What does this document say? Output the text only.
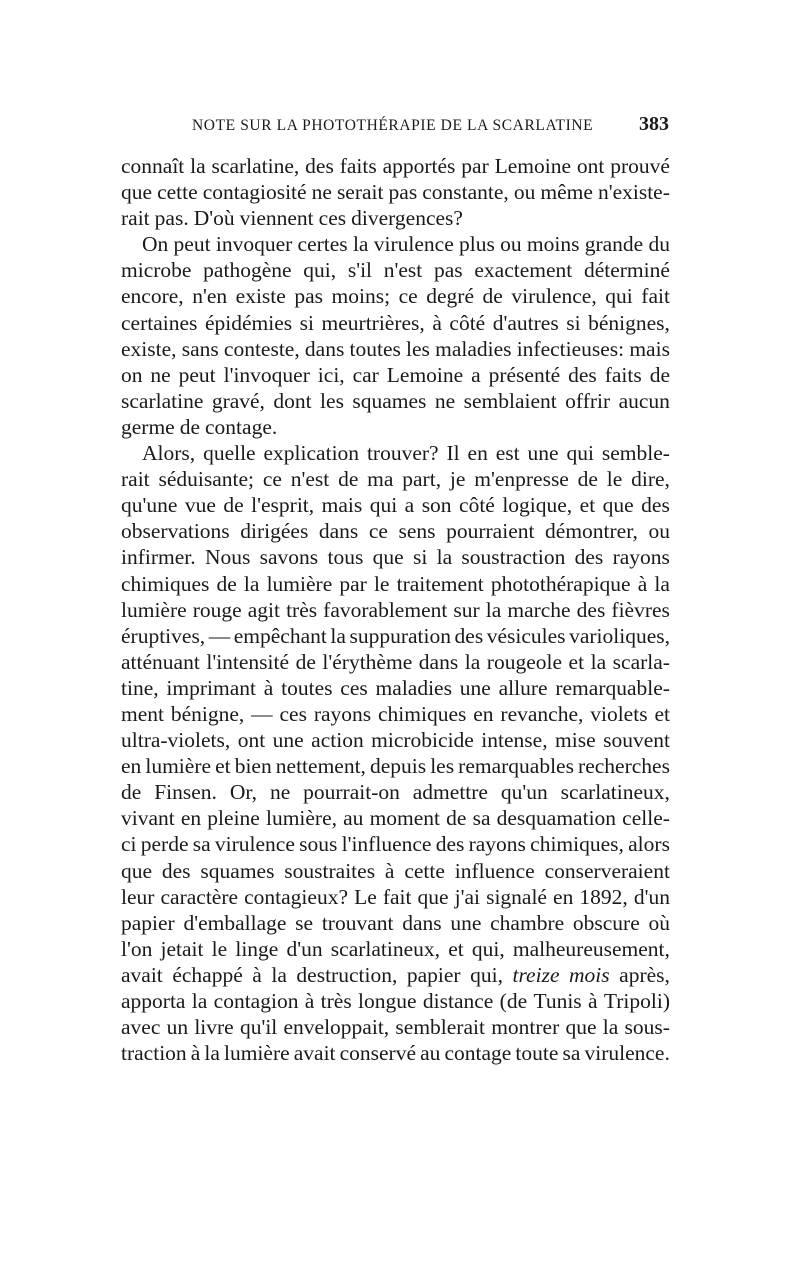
NOTE SUR LA PHOTOTHÉRAPIE DE LA SCARLATINE 383
connaît la scarlatine, des faits apportés par Lemoine ont prouvé
que cette contagiosité ne serait pas constante, ou même n'existe-
rait pas. D'où viennent ces divergences?
On peut invoquer certes la virulence plus ou moins grande du
microbe pathogène qui, s'il n'est pas exactement déterminé
encore, n'en existe pas moins; ce degré de virulence, qui fait
certaines épidémies si meurtrières, à côté d'autres si bénignes,
existe, sans conteste, dans toutes les maladies infectieuses: mais
on ne peut l'invoquer ici, car Lemoine a présenté des faits de
scarlatine gravé, dont les squames ne semblaient offrir aucun
germe de contage.
Alors, quelle explication trouver? Il en est une qui semble-
rait séduisante; ce n'est de ma part, je m'enpresse de le dire,
qu'une vue de l'esprit, mais qui a son côté logique, et que des
observations dirigées dans ce sens pourraient démontrer, ou
infirmer. Nous savons tous que si la soustraction des rayons
chimiques de la lumière par le traitement photothérapique à la
lumière rouge agit très favorablement sur la marche des fièvres
éruptives, — empêchant la suppuration des vésicules varioliques,
atténuant l'intensité de l'érythème dans la rougeole et la scarla-
tine, imprimant à toutes ces maladies une allure remarquable-
ment bénigne, — ces rayons chimiques en revanche, violets et
ultra-violets, ont une action microbicide intense, mise souvent
en lumière et bien nettement, depuis les remarquables recherches
de Finsen. Or, ne pourrait-on admettre qu'un scarlatineux,
vivant en pleine lumière, au moment de sa desquamation celle-
ci perde sa virulence sous l'influence des rayons chimiques, alors
que des squames soustraites à cette influence conserveraient
leur caractère contagieux? Le fait que j'ai signalé en 1892, d'un
papier d'emballage se trouvant dans une chambre obscure où
l'on jetait le linge d'un scarlatineux, et qui, malheureusement,
avait échappé à la destruction, papier qui, treize mois après,
apporta la contagion à très longue distance (de Tunis à Tripoli)
avec un livre qu'il enveloppait, semblerait montrer que la sous-
traction à la lumière avait conservé au contage toute sa virulence.
